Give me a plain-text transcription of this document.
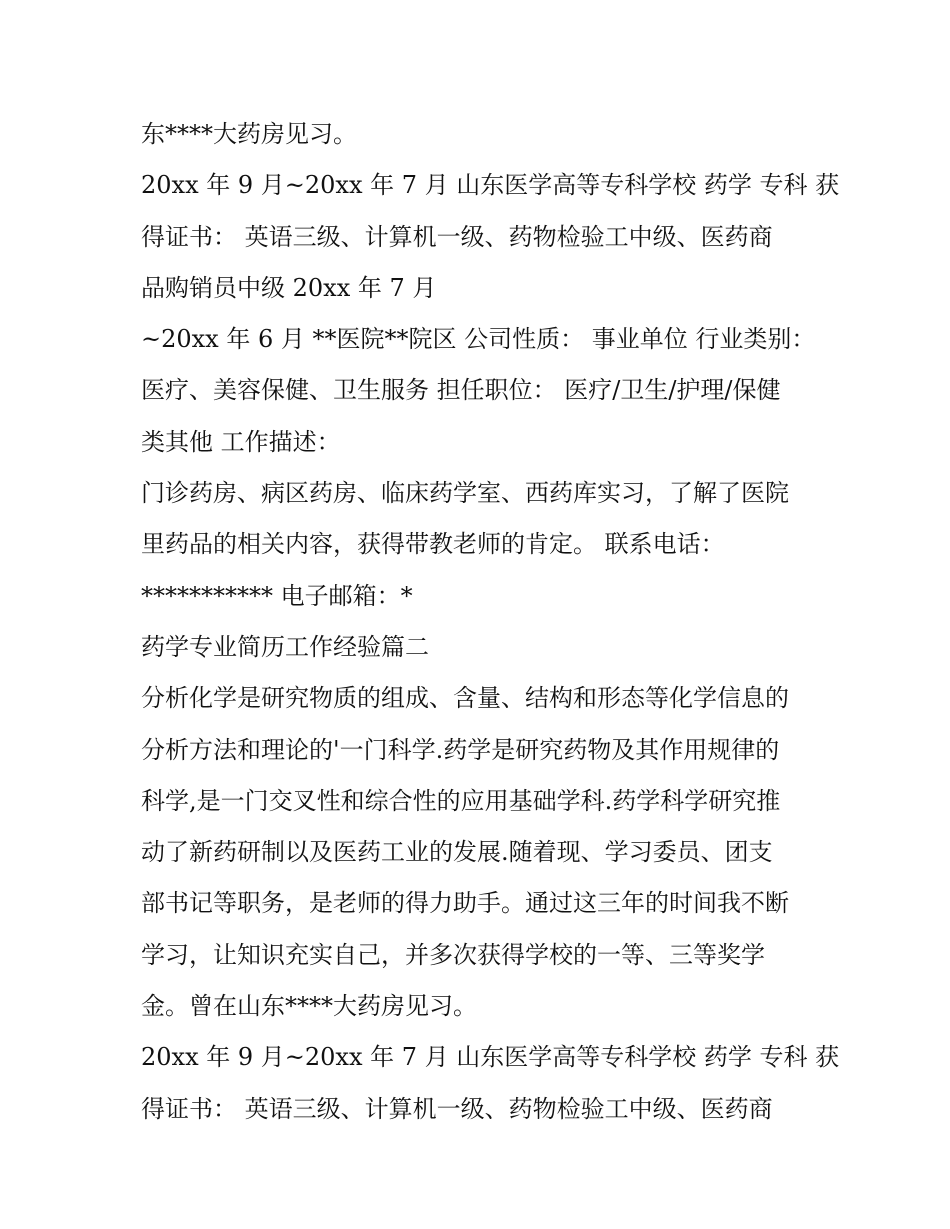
东****大药房见习。

20xx 年 9 月~20xx 年 7 月 山东医学高等专科学校 药学 专科 获

得证书： 英语三级、计算机一级、药物检验工中级、医药商

品购销员中级 20xx 年 7 月

~20xx 年 6 月 **医院**院区 公司性质： 事业单位 行业类别：

医疗、美容保健、卫生服务 担任职位： 医疗/卫生/护理/保健

类其他 工作描述：

门诊药房、病区药房、临床药学室、西药库实习，了解了医院

里药品的相关内容，获得带教老师的肯定。 联系电话：

*********** 电子邮箱：*

药学专业简历工作经验篇二

分析化学是研究物质的组成、含量、结构和形态等化学信息的

分析方法和理论的'一门科学.药学是研究药物及其作用规律的

科学,是一门交叉性和综合性的应用基础学科.药学科学研究推

动了新药研制以及医药工业的发展.随着现、学习委员、团支

部书记等职务，是老师的得力助手。通过这三年的时间我不断

学习，让知识充实自己，并多次获得学校的一等、三等奖学

金。曾在山东****大药房见习。

20xx 年 9 月~20xx 年 7 月 山东医学高等专科学校 药学 专科 获

得证书： 英语三级、计算机一级、药物检验工中级、医药商
